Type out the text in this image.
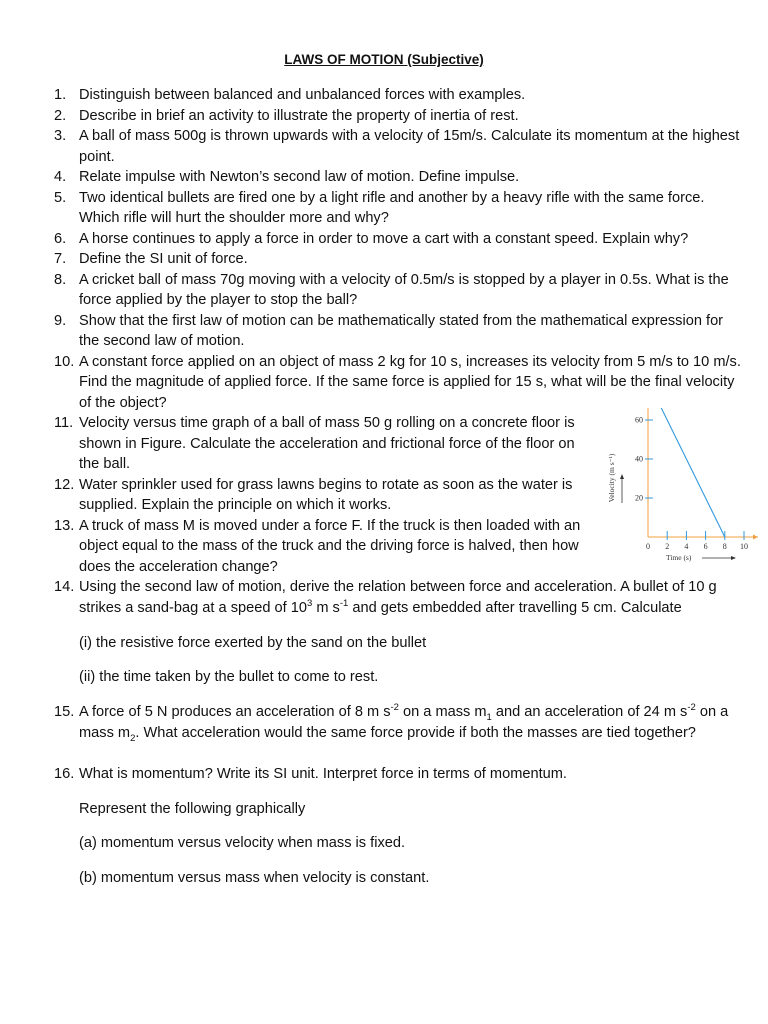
LAWS OF MOTION (Subjective)
1. Distinguish between balanced and unbalanced forces with examples.
2. Describe in brief an activity to illustrate the property of inertia of rest.
3. A ball of mass 500g is thrown upwards with a velocity of 15m/s. Calculate its momentum at the highest point.
4. Relate impulse with Newton’s second law of motion. Define impulse.
5. Two identical bullets are fired one by a light rifle and another by a heavy rifle with the same force. Which rifle will hurt the shoulder more and why?
6. A horse continues to apply a force in order to move a cart with a constant speed. Explain why?
7. Define the SI unit of force.
8. A cricket ball of mass 70g moving with a velocity of 0.5m/s is stopped by a player in 0.5s. What is the force applied by the player to stop the ball?
9. Show that the first law of motion can be mathematically stated from the mathematical expression for the second law of motion.
10. A constant force applied on an object of mass 2 kg for 10 s, increases its velocity from 5 m/s to 10 m/s. Find the magnitude of applied force. If the same force is applied for 15 s, what will be the final velocity of the object?
11. Velocity versus time graph of a ball of mass 50 g rolling on a concrete floor is shown in Figure. Calculate the acceleration and frictional force of the floor on the ball.
12. Water sprinkler used for grass lawns begins to rotate as soon as the water is supplied. Explain the principle on which it works.
13. A truck of mass M is moved under a force F. If the truck is then loaded with an object equal to the mass of the truck and the driving force is halved, then how does the acceleration change?
14. Using the second law of motion, derive the relation between force and acceleration. A bullet of 10 g strikes a sand-bag at a speed of $10^3$ m $s^{-1}$ and gets embedded after travelling 5 cm. Calculate
(i) the resistive force exerted by the sand on the bullet
(ii) the time taken by the bullet to come to rest.
15. A force of 5 N produces an acceleration of 8 m $s^{-2}$ on a mass $m_1$ and an acceleration of 24 m $s^{-2}$ on a mass $m_2$. What acceleration would the same force provide if both the masses are tied together?
16. What is momentum? Write its SI unit. Interpret force in terms of momentum.
Represent the following graphically
(a) momentum versus velocity when mass is fixed.
(b) momentum versus mass when velocity is constant.
20
40
60
0 2 4 6 8 10
Velocity (m s⁻¹)
Time (s)
